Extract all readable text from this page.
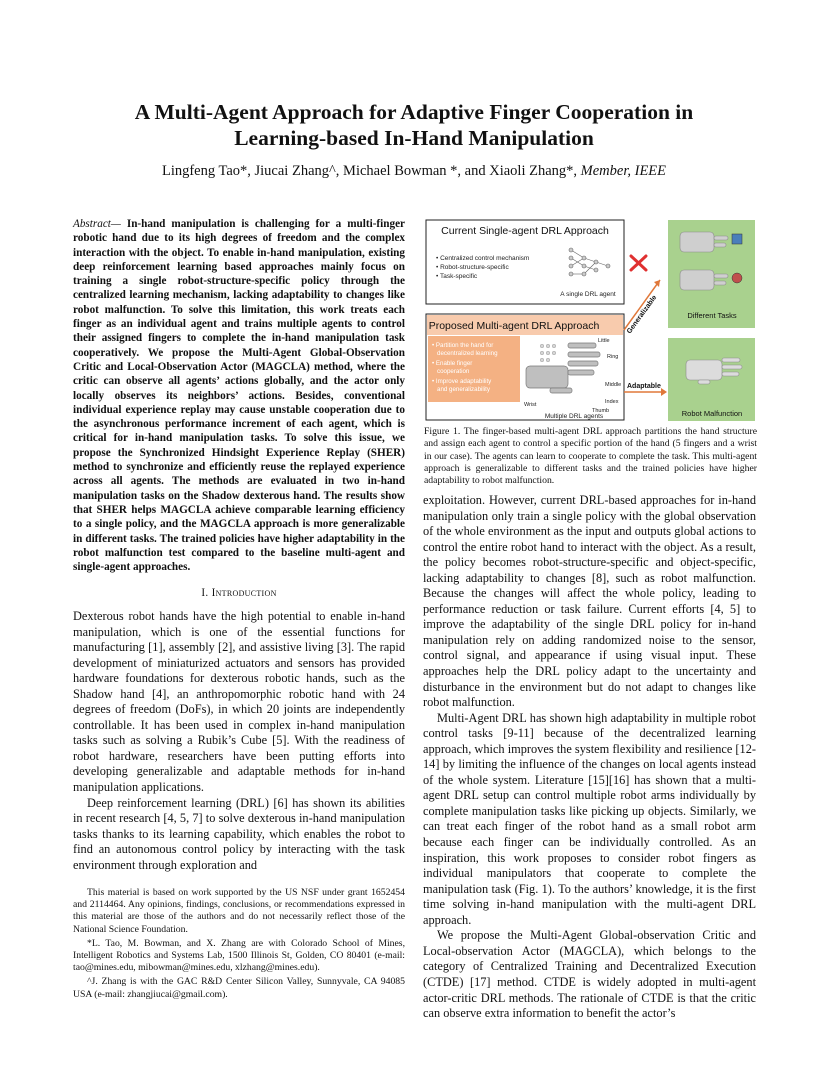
A Multi-Agent Approach for Adaptive Finger Cooperation in
Learning-based In-Hand Manipulation
Lingfeng Tao*, Jiucai Zhang^, Michael Bowman *, and Xiaoli Zhang*, Member, IEEE
Abstract— In-hand manipulation is challenging for a multi-finger robotic hand due to its high degrees of freedom and the complex interaction with the object. To enable in-hand manipulation, existing deep reinforcement learning based approaches mainly focus on training a single robot-structure-specific policy through the centralized learning mechanism, lacking adaptability to changes like robot malfunction. To solve this limitation, this work treats each finger as an individual agent and trains multiple agents to control their assigned fingers to complete the in-hand manipulation task cooperatively. We propose the Multi-Agent Global-Observation Critic and Local-Observation Actor (MAGCLA) method, where the critic can observe all agents’ actions globally, and the actor only locally observes its neighbors’ actions. Besides, conventional individual experience replay may cause unstable cooperation due to the asynchronous performance increment of each agent, which is critical for in-hand manipulation tasks. To solve this issue, we propose the Synchronized Hindsight Experience Replay (SHER) method to synchronize and efficiently reuse the replayed experience across all agents. The methods are evaluated in two in-hand manipulation tasks on the Shadow dexterous hand. The results show that SHER helps MAGCLA achieve comparable learning efficiency to a single policy, and the MAGCLA approach is more generalizable in different tasks. The trained policies have higher adaptability in the robot malfunction test compared to the baseline multi-agent and single-agent approaches.
I. Introduction

Dexterous robot hands have the high potential to enable in-hand manipulation, which is one of the essential functions for manufacturing [1], assembly [2], and assistive living [3]. The rapid development of miniaturized actuators and sensors has provided hardware foundations for dexterous robotic hands, such as the Shadow hand [4], an anthropomorphic robotic hand with 24 degrees of freedom (DoFs), in which 20 joints are independently controllable. It has been used in complex in-hand manipulation tasks such as solving a Rubik’s Cube [5]. With the readiness of robot hardware, researchers have been putting efforts into developing generalizable and adaptable methods for in-hand manipulation applications.

Deep reinforcement learning (DRL) [6] has shown its abilities in recent research [4, 5, 7] to solve dexterous in-hand manipulation tasks thanks to its learning capability, which enables the robot to find an autonomous control policy by interacting with the task environment through exploration and

This material is based on work supported by the US NSF under grant 1652454 and 2114464. Any opinions, findings, conclusions, or recommendations expressed in this material are those of the authors and do not necessarily reflect those of the National Science Foundation.

*L. Tao, M. Bowman, and X. Zhang are with Colorado School of Mines, Intelligent Robotics and Systems Lab, 1500 Illinois St, Golden, CO 80401 (e-mail: tao@mines.edu, mibowman@mines.edu, xlzhang@mines.edu).

^J. Zhang is with the GAC R&D Center Silicon Valley, Sunnyvale, CA 94085 USA (e-mail: zhangjiucai@gmail.com).

Current Single-agent DRL Approach
• Centralized control mechanism
• Robot-structure-specific
• Task-specific
A single DRL agent
Proposed Multi-agent DRL Approach
• Partition the hand for
decentralized learning
• Enable finger
cooperation
• Improve adaptability
and generalizability
Little
Ring
Middle
Index
Thumb
Wrist
Multiple DRL agents
Generalizable
Adaptable
Different Tasks
Robot Malfunction
Figure 1. The finger-based multi-agent DRL approach partitions the hand structure and assign each agent to control a specific portion of the hand (5 fingers and a wrist in our case). The agents can learn to cooperate to complete the task. This multi-agent approach is generalizable to different tasks and the trained policies have higher adaptability to robot malfunction.

exploitation. However, current DRL-based approaches for in-hand manipulation only train a single policy with the global observation of the whole environment as the input and outputs global actions to control the entire robot hand to interact with the object. As a result, the policy becomes robot-structure-specific and object-specific, lacking adaptability to changes [8], such as robot malfunction. Because the changes will affect the whole policy, leading to performance reduction or task failure. Current efforts [4, 5] to improve the adaptability of the single DRL policy for in-hand manipulation rely on adding randomized noise to the sensor, control signal, and appearance if using visual input. These approaches help the DRL policy adapt to the uncertainty and disturbance in the environment but do not adapt to changes like robot malfunction.

Multi-Agent DRL has shown high adaptability in multiple robot control tasks [9-11] because of the decentralized learning approach, which improves the system flexibility and resilience [12-14] by limiting the influence of the changes on local agents instead of the whole system. Literature [15][16] has shown that a multi-agent DRL setup can control multiple robot arms individually by complete manipulation tasks like picking up objects. Similarly, we can treat each finger of the robot hand as a small robot arm because each finger can be individually controlled. As an inspiration, this work proposes to consider robot fingers as individual manipulators that cooperate to complete the manipulation task (Fig. 1). To the authors’ knowledge, it is the first time solving in-hand manipulation with the multi-agent DRL approach.

We propose the Multi-Agent Global-observation Critic and Local-observation Actor (MAGCLA), which belongs to the category of Centralized Training and Decentralized Execution (CTDE) [17] method. CTDE is widely adopted in multi-agent actor-critic DRL methods. The rationale of CTDE is that the critic can observe extra information to benefit the actor’s
